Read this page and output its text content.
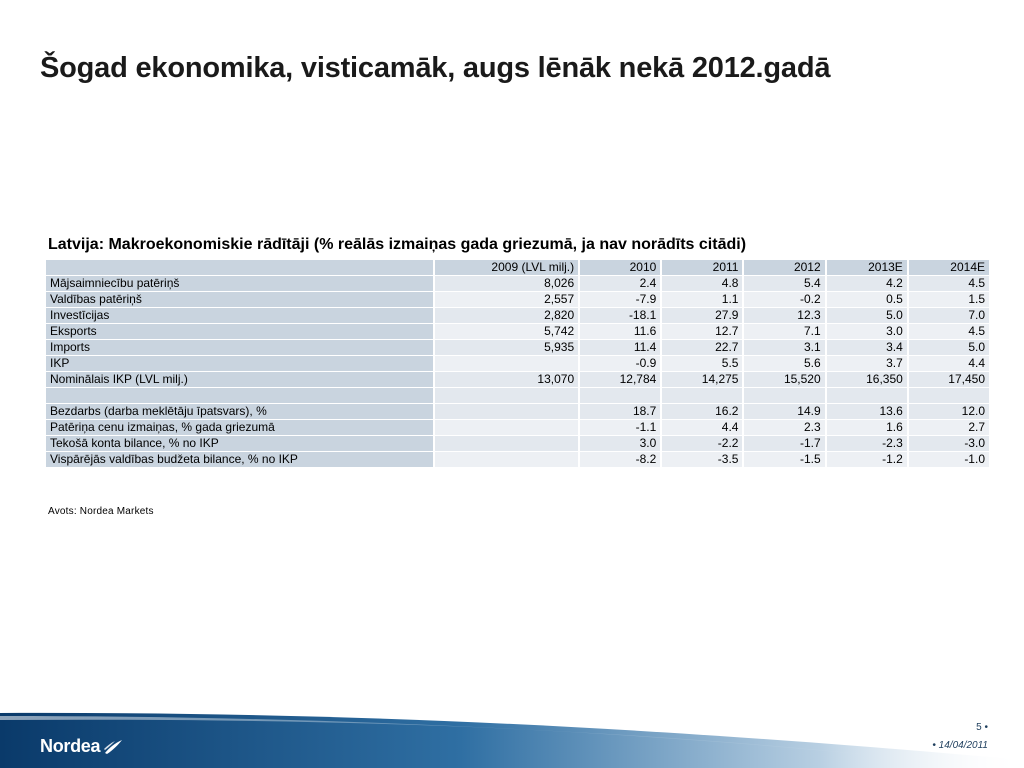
Šogad ekonomika, visticamāk, augs lēnāk nekā 2012.gadā

Latvija: Makroekonomiskie rādītāji (% reālās izmaiņas gada griezumā, ja nav norādīts citādi)

	2009 (LVL milj.)	2010	2011	2012	2013E	2014E
Mājsaimniecību patēriņš	8,026	2.4	4.8	5.4	4.2	4.5
Valdības patēriņš	2,557	-7.9	1.1	-0.2	0.5	1.5
Investīcijas	2,820	-18.1	27.9	12.3	5.0	7.0
Eksports	5,742	11.6	12.7	7.1	3.0	4.5
Imports	5,935	11.4	22.7	3.1	3.4	5.0
IKP		-0.9	5.5	5.6	3.7	4.4
Nominālais IKP (LVL milj.)	13,070	12,784	14,275	15,520	16,350	17,450

Bezdarbs (darba meklētāju īpatsvars), %		18.7	16.2	14.9	13.6	12.0
Patēriņa cenu izmaiņas, % gada griezumā		-1.1	4.4	2.3	1.6	2.7
Tekošā konta bilance, % no IKP		3.0	-2.2	-1.7	-2.3	-3.0
Vispārējās valdības budžeta bilance, % no IKP		-8.2	-3.5	-1.5	-1.2	-1.0

Avots: Nordea Markets

Nordea
5 •
• 14/04/2011
